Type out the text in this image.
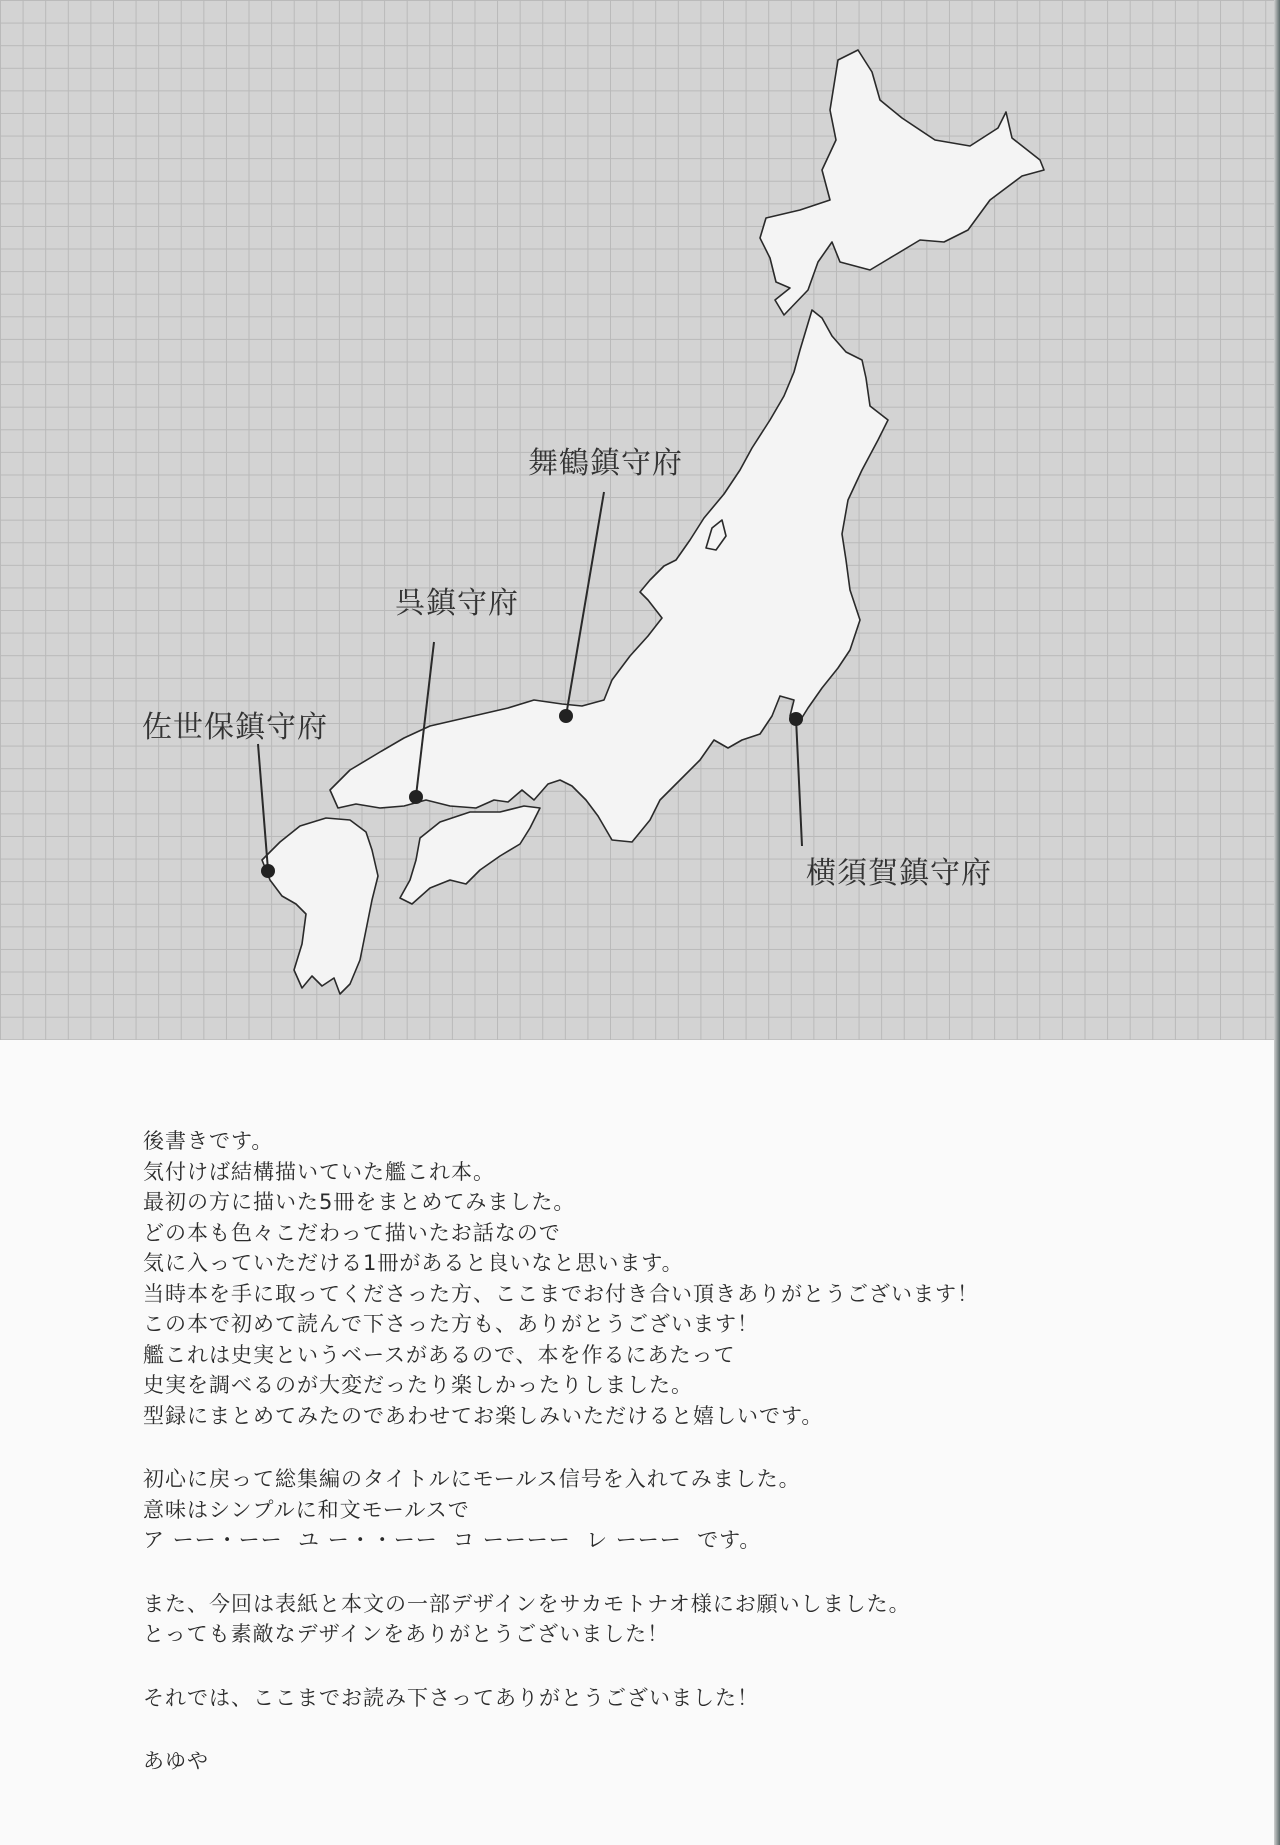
舞鶴鎮守府
呉鎮守府
佐世保鎮守府
横須賀鎮守府
後書きです。
気付けば結構描いていた艦これ本。
最初の方に描いた5冊をまとめてみました。
どの本も色々こだわって描いたお話なので
気に入っていただける1冊があると良いなと思います。
当時本を手に取ってくださった方、ここまでお付き合い頂きありがとうございます！
この本で初めて読んで下さった方も、ありがとうございます！
艦これは史実というベースがあるので、本を作るにあたって
史実を調べるのが大変だったり楽しかったりしました。
型録にまとめてみたのであわせてお楽しみいただけると嬉しいです。
初心に戻って総集編のタイトルにモールス信号を入れてみました。
意味はシンプルに和文モールスで
ア ーー・ーー  ユ ー・・ーー  コ ーーーー  レ ーーー  です。
また、今回は表紙と本文の一部デザインをサカモトナオ様にお願いしました。
とっても素敵なデザインをありがとうございました！
それでは、ここまでお読み下さってありがとうございました！
あゆや
